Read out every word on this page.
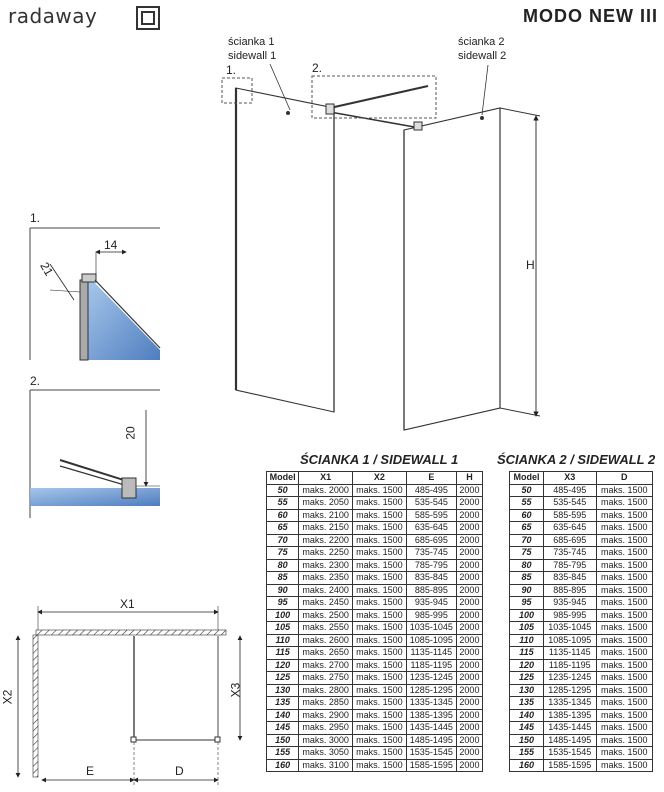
radaway	MODO NEW III
ścianka 1
sidewall 1
ścianka 2
sidewall 2
1.	2.
H
1.
14
21
2.
20
X1
X2	X3
E	D
ŚCIANKA 1 / SIDEWALL 1
Model	X1	X2	E	H
50	maks. 2000	maks. 1500	485-495	2000
55	maks. 2050	maks. 1500	535-545	2000
60	maks. 2100	maks. 1500	585-595	2000
65	maks. 2150	maks. 1500	635-645	2000
70	maks. 2200	maks. 1500	685-695	2000
75	maks. 2250	maks. 1500	735-745	2000
80	maks. 2300	maks. 1500	785-795	2000
85	maks. 2350	maks. 1500	835-845	2000
90	maks. 2400	maks. 1500	885-895	2000
95	maks. 2450	maks. 1500	935-945	2000
100	maks. 2500	maks. 1500	985-995	2000
105	maks. 2550	maks. 1500	1035-1045	2000
110	maks. 2600	maks. 1500	1085-1095	2000
115	maks. 2650	maks. 1500	1135-1145	2000
120	maks. 2700	maks. 1500	1185-1195	2000
125	maks. 2750	maks. 1500	1235-1245	2000
130	maks. 2800	maks. 1500	1285-1295	2000
135	maks. 2850	maks. 1500	1335-1345	2000
140	maks. 2900	maks. 1500	1385-1395	2000
145	maks. 2950	maks. 1500	1435-1445	2000
150	maks. 3000	maks. 1500	1485-1495	2000
155	maks. 3050	maks. 1500	1535-1545	2000
160	maks. 3100	maks. 1500	1585-1595	2000
ŚCIANKA 2 / SIDEWALL 2
Model	X3	D
50	485-495	maks. 1500
55	535-545	maks. 1500
60	585-595	maks. 1500
65	635-645	maks. 1500
70	685-695	maks. 1500
75	735-745	maks. 1500
80	785-795	maks. 1500
85	835-845	maks. 1500
90	885-895	maks. 1500
95	935-945	maks. 1500
100	985-995	maks. 1500
105	1035-1045	maks. 1500
110	1085-1095	maks. 1500
115	1135-1145	maks. 1500
120	1185-1195	maks. 1500
125	1235-1245	maks. 1500
130	1285-1295	maks. 1500
135	1335-1345	maks. 1500
140	1385-1395	maks. 1500
145	1435-1445	maks. 1500
150	1485-1495	maks. 1500
155	1535-1545	maks. 1500
160	1585-1595	maks. 1500
